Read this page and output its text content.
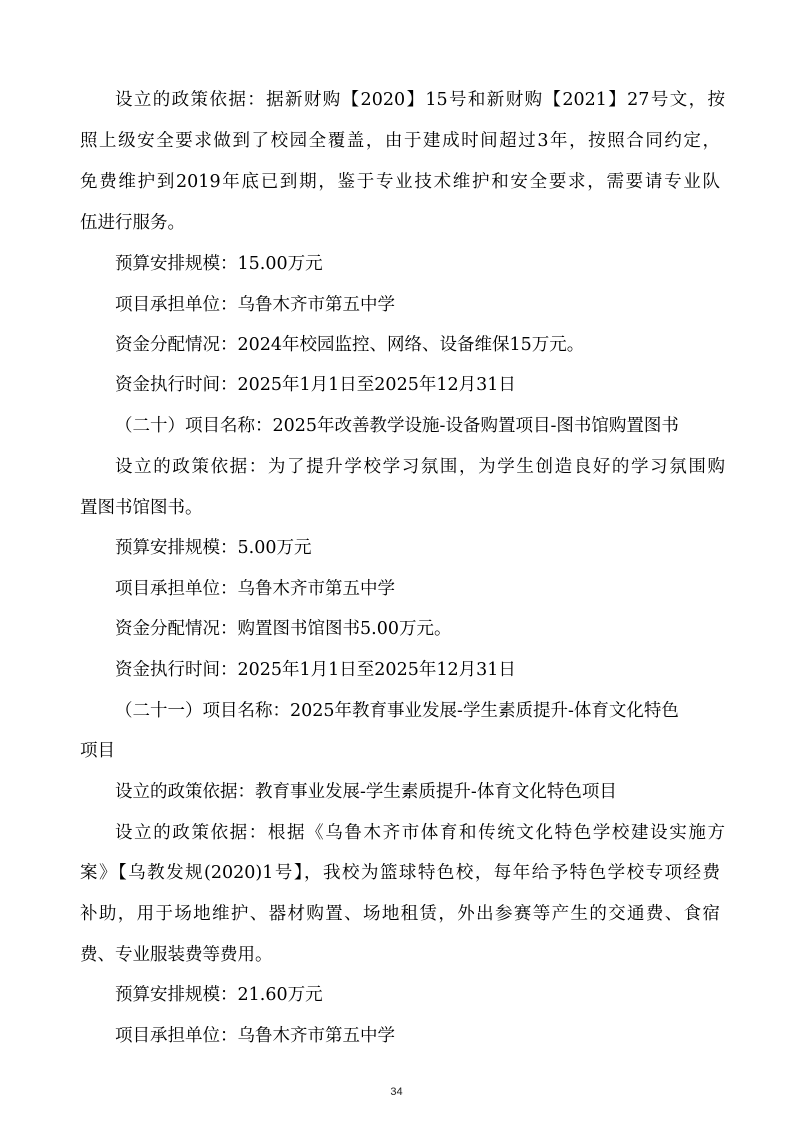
设立的政策依据：据新财购【2020】15号和新财购【2021】27号文，按
照上级安全要求做到了校园全覆盖，由于建成时间超过3年，按照合同约定，
免费维护到2019年底已到期，鉴于专业技术维护和安全要求，需要请专业队
伍进行服务。
预算安排规模：15.00万元
项目承担单位：乌鲁木齐市第五中学
资金分配情况：2024年校园监控、网络、设备维保15万元。
资金执行时间：2025年1月1日至2025年12月31日
（二十）项目名称：2025年改善教学设施-设备购置项目-图书馆购置图书
设立的政策依据：为了提升学校学习氛围，为学生创造良好的学习氛围购
置图书馆图书。
预算安排规模：5.00万元
项目承担单位：乌鲁木齐市第五中学
资金分配情况：购置图书馆图书5.00万元。
资金执行时间：2025年1月1日至2025年12月31日
（二十一）项目名称：2025年教育事业发展-学生素质提升-体育文化特色
项目
设立的政策依据：教育事业发展-学生素质提升-体育文化特色项目
设立的政策依据：根据《乌鲁木齐市体育和传统文化特色学校建设实施方
案》【乌教发规(2020)1号】，我校为篮球特色校，每年给予特色学校专项经费
补助，用于场地维护、器材购置、场地租赁，外出参赛等产生的交通费、食宿
费、专业服装费等费用。
预算安排规模：21.60万元
项目承担单位：乌鲁木齐市第五中学
34
